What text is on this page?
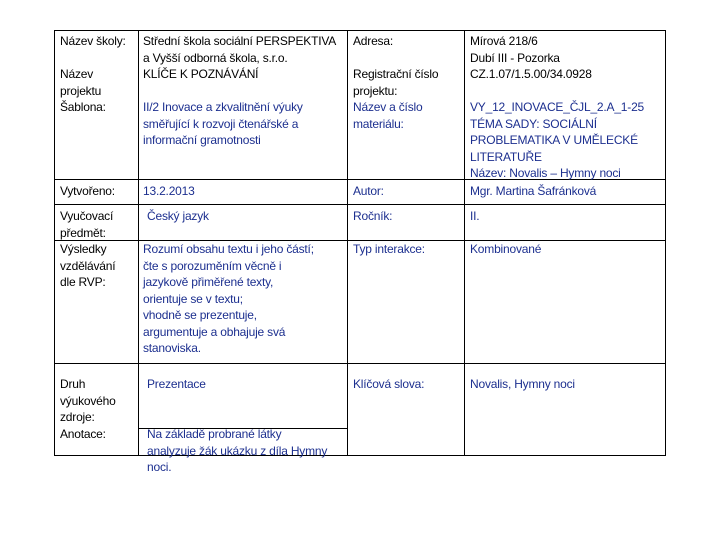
Název školy:
Název
projektu
Šablona:
Vytvořeno:
Vyučovací
předmět:
Výsledky
vzdělávání
dle RVP:
Druh
výukového
zdroje:
Anotace:
Střední škola sociální PERSPEKTIVA
a Vyšší odborná škola, s.r.o.
KLÍČE K POZNÁVÁNÍ
II/2 Inovace a zkvalitnění výuky
směřující k rozvoji čtenářské a
informační gramotnosti
13.2.2013
Český jazyk
Rozumí obsahu textu i jeho částí;
čte s porozuměním věcně i
jazykově přiměřené texty,
orientuje se v textu;
vhodně se prezentuje,
argumentuje a obhajuje svá
stanoviska.
Prezentace
Na základě probrané látky
analyzuje žák ukázku z díla Hymny
noci.
Adresa:
Registrační číslo
projektu:
Název a číslo
materiálu:
Autor:
Ročník:
Typ interakce:
Klíčová slova:
Mírová 218/6
Dubí III - Pozorka
CZ.1.07/1.5.00/34.0928
VY_12_INOVACE_ČJL_2.A_1-25
TÉMA SADY: SOCIÁLNÍ
PROBLEMATIKA V UMĚLECKÉ
LITERATUŘE
Název: Novalis – Hymny noci
Mgr. Martina Šafránková
II.
Kombinované
Novalis, Hymny noci
